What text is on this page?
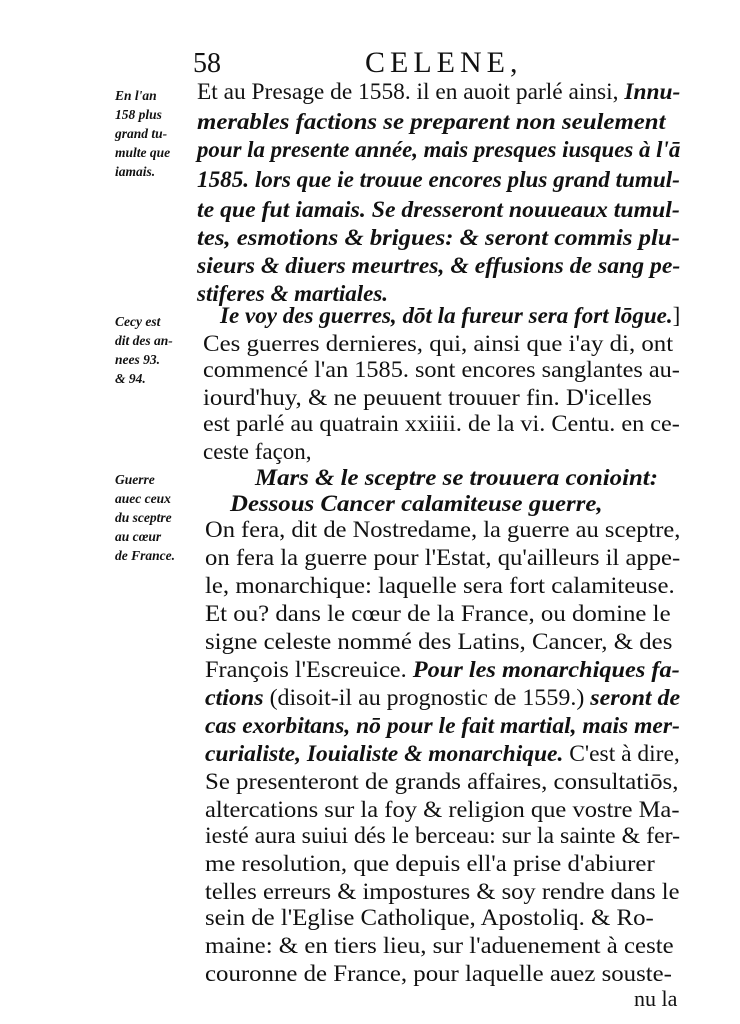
58	CELENE,
En l'an
158 plus
grand tu-
multe que
iamais.
Cecy est
dit des an-
nees 93.
& 94.
Guerre
auec ceux
du sceptre
au cœur
de France.
Et au Presage de 1558. il en auoit parlé ainsi, Innu-
merables factions se preparent non seulement
pour la presente année, mais presques iusques à l'ā
1585. lors que ie trouue encores plus grand tumul-
te que fut iamais. Se dresseront nouueaux tumul-
tes, esmotions & brigues: & seront commis plu-
sieurs & diuers meurtres, & effusions de sang pe-
stiferes & martiales.
Ie voy des guerres, dōt la fureur sera fort lōgue.]
Ces guerres dernieres, qui, ainsi que i'ay di, ont
commencé l'an 1585. sont encores sanglantes au-
iourd'huy, & ne peuuent trouuer fin. D'icelles
est parlé au quatrain xxiiii. de la vi. Centu. en ce-
ceste façon,
Mars & le sceptre se trouuera conioint:
Dessous Cancer calamiteuse guerre,
On fera, dit de Nostredame, la guerre au sceptre,
on fera la guerre pour l'Estat, qu'ailleurs il appe-
le, monarchique: laquelle sera fort calamiteuse.
Et ou? dans le cœur de la France, ou domine le
signe celeste nommé des Latins, Cancer, & des
François l'Escreuice. Pour les monarchiques fa-
ctions (disoit-il au prognostic de 1559.) seront de
cas exorbitans, nō pour le fait martial, mais mer-
curialiste, Iouialiste & monarchique. C'est à dire,
Se presenteront de grands affaires, consultatiōs,
altercations sur la foy & religion que vostre Ma-
iesté aura suiui dés le berceau: sur la sainte & fer-
me resolution, que depuis ell'a prise d'abiurer
telles erreurs & impostures & soy rendre dans le
sein de l'Eglise Catholique, Apostoliq. & Ro-
maine: & en tiers lieu, sur l'aduenement à ceste
couronne de France, pour laquelle auez souste-
nu la
